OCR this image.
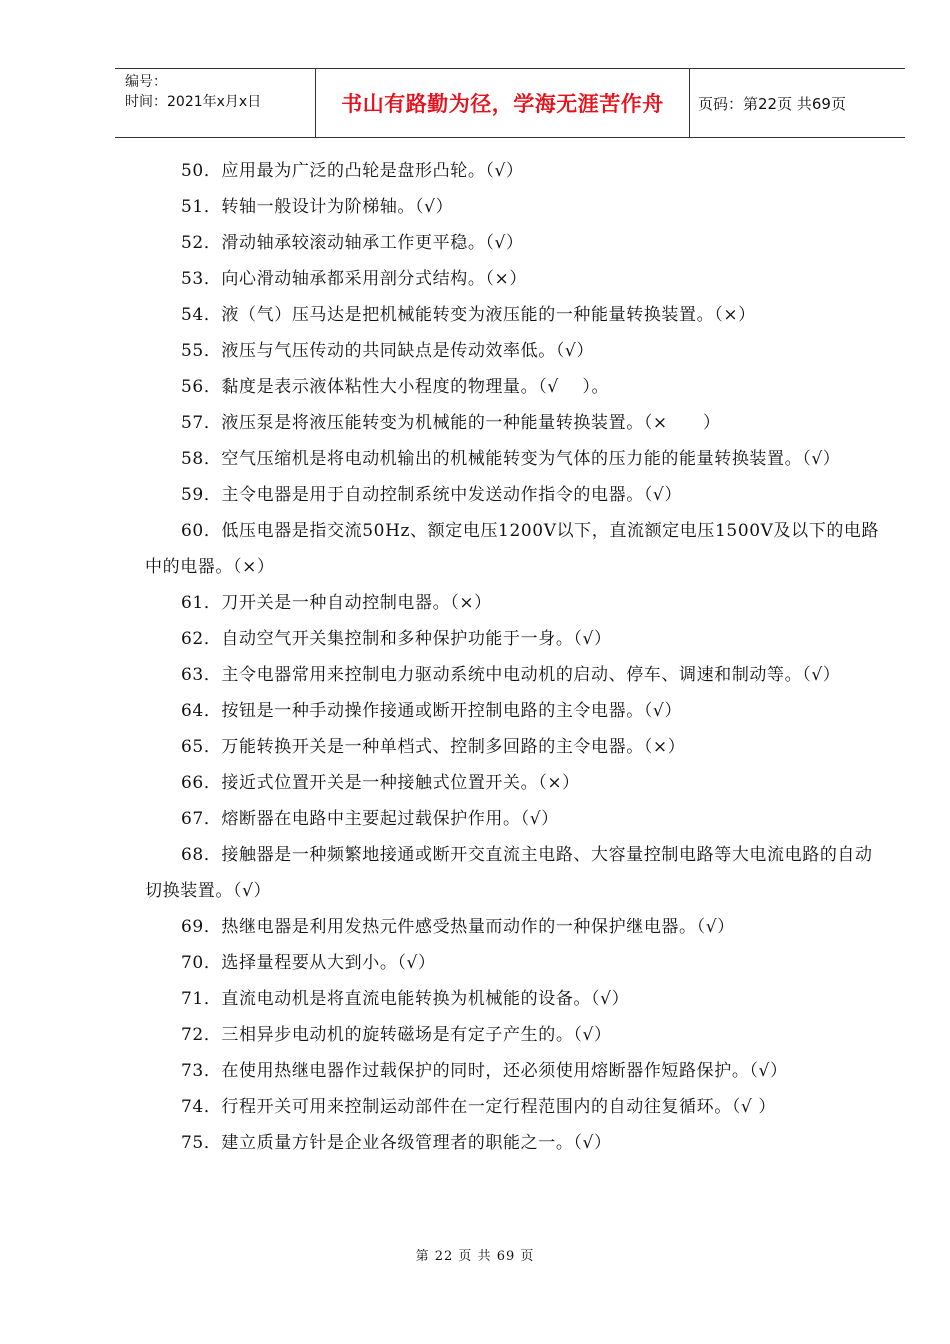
编号：
时间：2021年x月x日	书山有路勤为径，学海无涯苦作舟	页码：第22页 共69页

50．应用最为广泛的凸轮是盘形凸轮。（√）

51．转轴一般设计为阶梯轴。（√）

52．滑动轴承较滚动轴承工作更平稳。（√）

53．向心滑动轴承都采用剖分式结构。（×）

54．液（气）压马达是把机械能转变为液压能的一种能量转换装置。（×）

55．液压与气压传动的共同缺点是传动效率低。（√）

56．黏度是表示液体粘性大小程度的物理量。（√　 ）。

57．液压泵是将液压能转变为机械能的一种能量转换装置。（×　　）

58．空气压缩机是将电动机输出的机械能转变为气体的压力能的能量转换装置。（√）

59．主令电器是用于自动控制系统中发送动作指令的电器。（√）

60．低压电器是指交流50Hz、额定电压1200V以下，直流额定电压1500V及以下的电路中的电器。（×）

61．刀开关是一种自动控制电器。（×）

62．自动空气开关集控制和多种保护功能于一身。（√）

63．主令电器常用来控制电力驱动系统中电动机的启动、停车、调速和制动等。（√）

64．按钮是一种手动操作接通或断开控制电路的主令电器。（√）

65．万能转换开关是一种单档式、控制多回路的主令电器。（×）

66．接近式位置开关是一种接触式位置开关。（×）

67．熔断器在电路中主要起过载保护作用。（√）

68．接触器是一种频繁地接通或断开交直流主电路、大容量控制电路等大电流电路的自动切换装置。（√）

69．热继电器是利用发热元件感受热量而动作的一种保护继电器。（√）

70．选择量程要从大到小。（√）

71．直流电动机是将直流电能转换为机械能的设备。（√）

72．三相异步电动机的旋转磁场是有定子产生的。（√）

73．在使用热继电器作过载保护的同时，还必须使用熔断器作短路保护。（√）

74．行程开关可用来控制运动部件在一定行程范围内的自动往复循环。（√ ）

75．建立质量方针是企业各级管理者的职能之一。（√）

第 22 页 共 69 页
